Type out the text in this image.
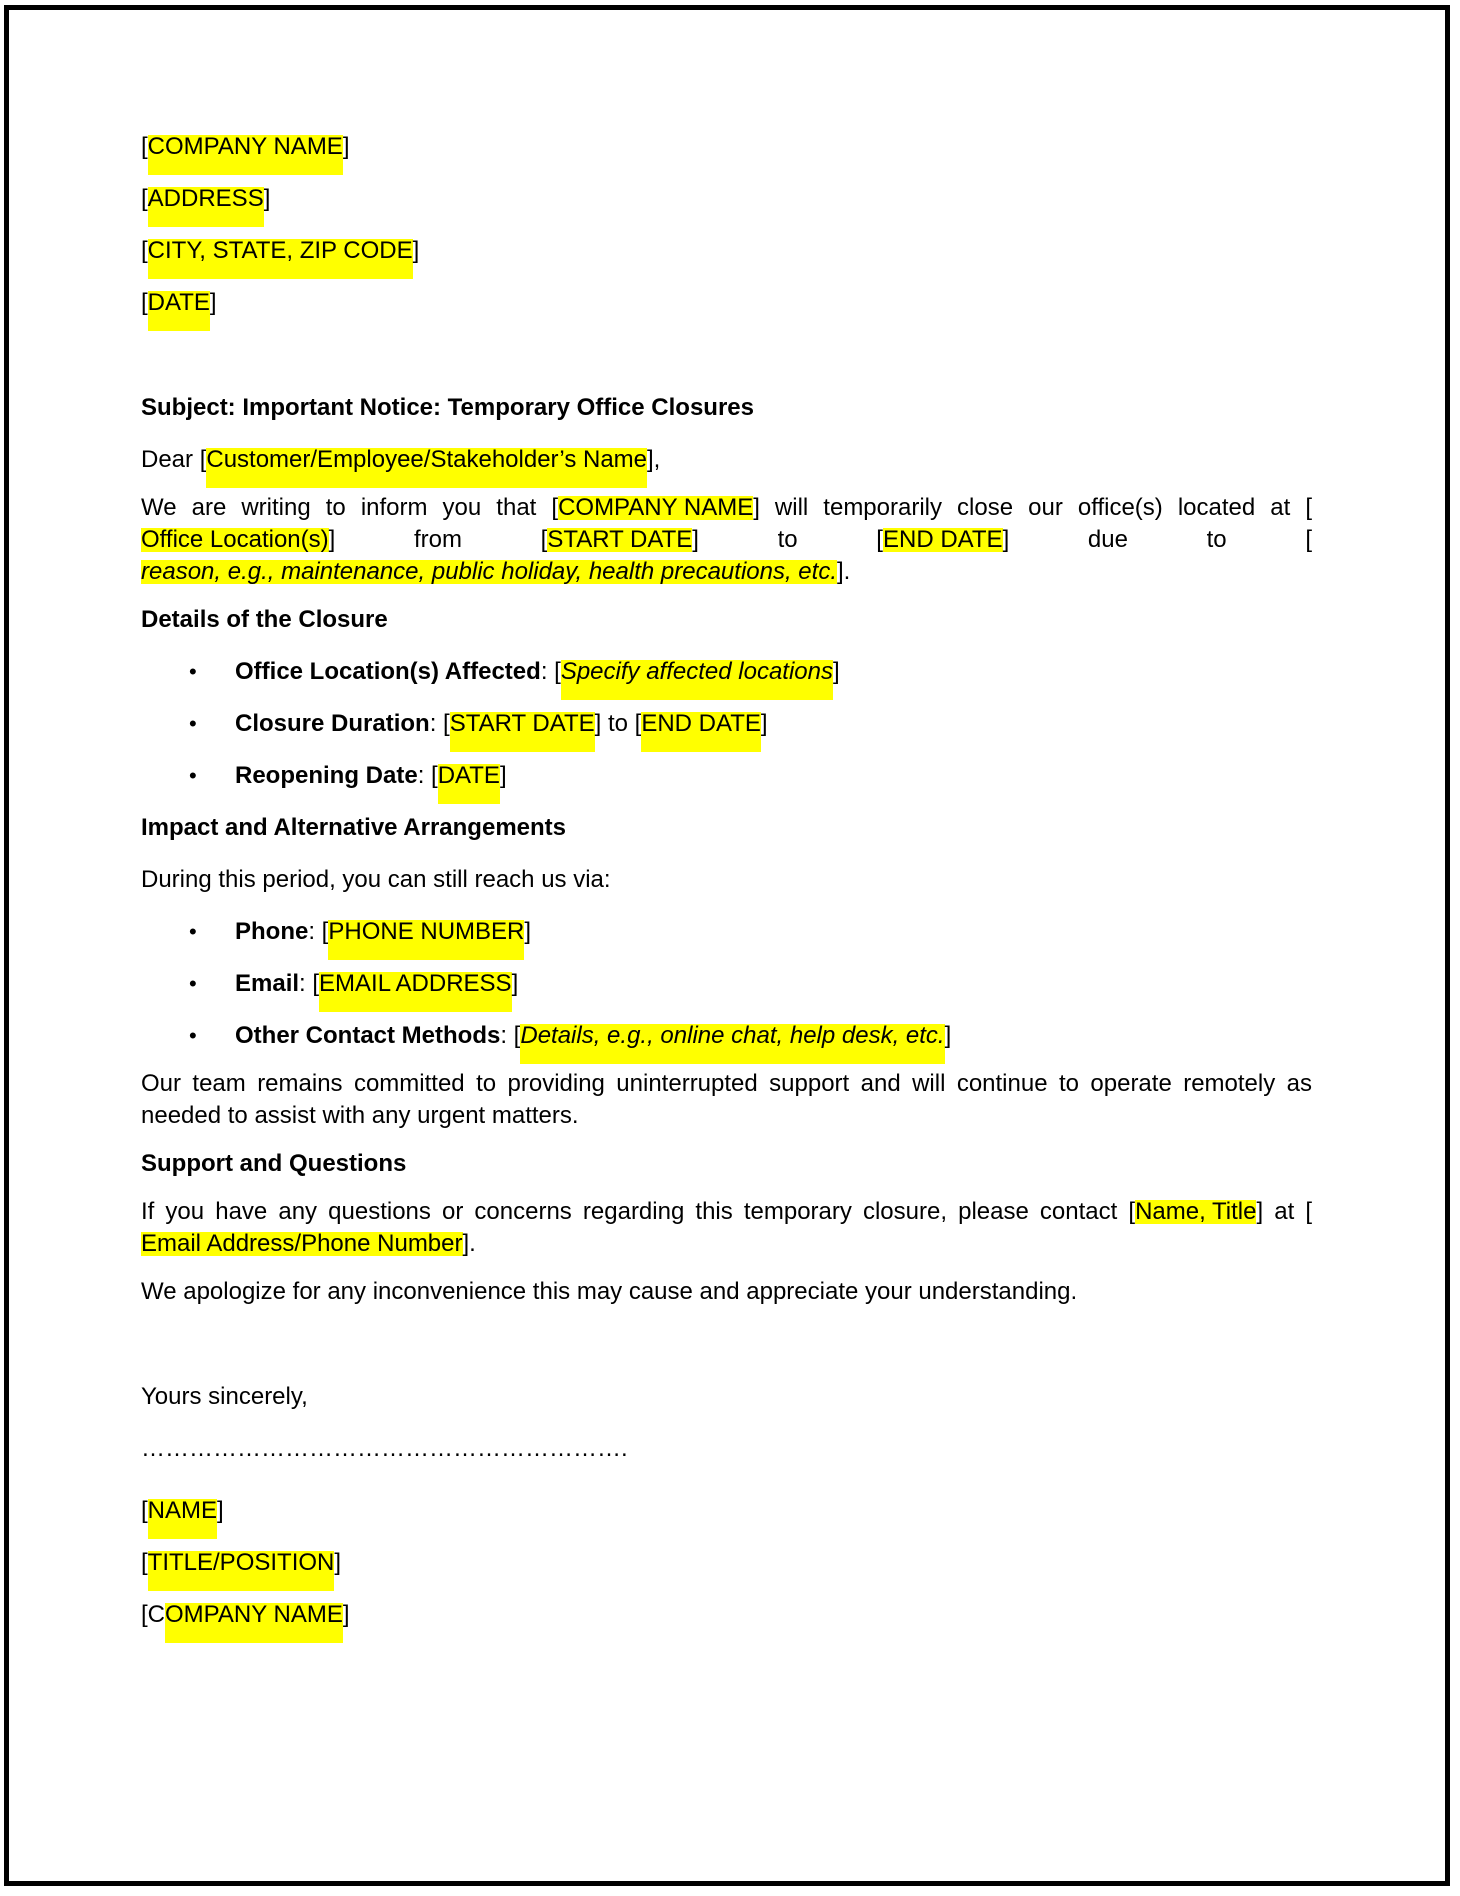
[COMPANY NAME]
[ADDRESS]
[CITY, STATE, ZIP CODE]
[DATE]
Subject: Important Notice: Temporary Office Closures
Dear [Customer/Employee/Stakeholder’s Name],

We are writing to inform you that [COMPANY NAME] will temporarily close our office(s) located at [Office Location(s)] from [START DATE] to [END DATE] due to [reason, e.g., maintenance, public holiday, health precautions, etc.].

Details of the Closure
• Office Location(s) Affected: [Specify affected locations]
• Closure Duration: [START DATE] to [END DATE]
• Reopening Date: [DATE]
Impact and Alternative Arrangements
During this period, you can still reach us via:
• Phone: [PHONE NUMBER]
• Email: [EMAIL ADDRESS]
• Other Contact Methods: [Details, e.g., online chat, help desk, etc.]

Our team remains committed to providing uninterrupted support and will continue to operate remotely as needed to assist with any urgent matters.

Support and Questions

If you have any questions or concerns regarding this temporary closure, please contact [Name, Title] at [Email Address/Phone Number].

We apologize for any inconvenience this may cause and appreciate your understanding.
Yours sincerely,
…………………………………………………….
[NAME]
[TITLE/POSITION]
[COMPANY NAME]
